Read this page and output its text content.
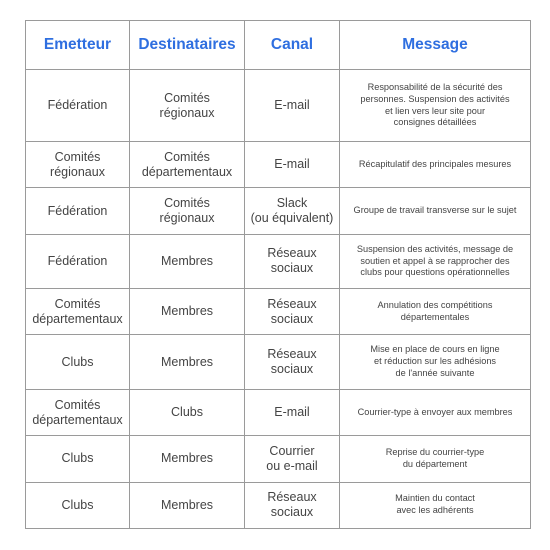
Emetteur	Destinataires	Canal	Message

Fédération	Comités
régionaux	E-mail	Responsabilité de la sécurité des
personnes. Suspension des activités
et lien vers leur site pour
consignes détaillées

Comités
régionaux	Comités
départementaux	E-mail	Récapitulatif des principales mesures

Fédération	Comités
régionaux	Slack
(ou équivalent)	Groupe de travail transverse sur le sujet

Fédération	Membres	Réseaux
sociaux	Suspension des activités, message de
soutien et appel à se rapprocher des
clubs pour questions opérationnelles

Comités
départementaux	Membres	Réseaux
sociaux	Annulation des compétitions
départementales

Clubs	Membres	Réseaux
sociaux	Mise en place de cours en ligne
et réduction sur les adhésions
de l'année suivante

Comités
départementaux	Clubs	E-mail	Courrier-type à envoyer aux membres

Clubs	Membres	Courrier
ou e-mail	Reprise du courrier-type
du département

Clubs	Membres	Réseaux
sociaux	Maintien du contact
avec les adhérents
